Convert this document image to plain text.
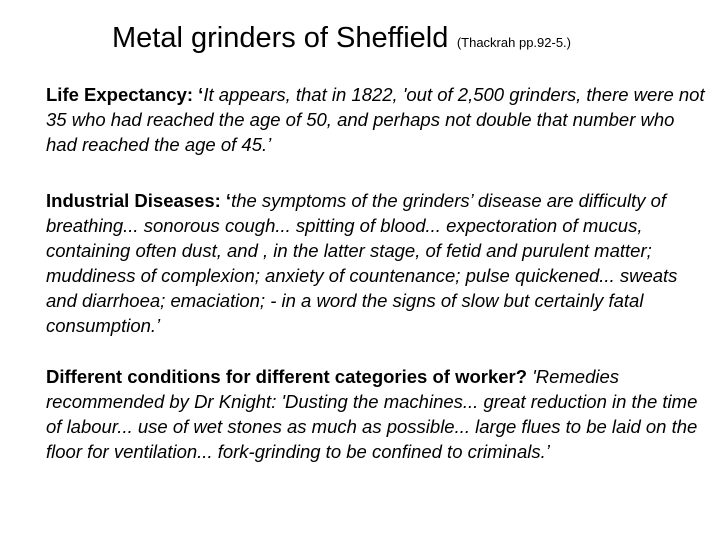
Metal grinders of Sheffield (Thackrah pp.92-5.)
Life Expectancy: ‘It appears, that in 1822, 'out of 2,500 grinders, there were not 35 who had reached the age of 50, and perhaps not double that number who had reached the age of 45.’
Industrial Diseases: ‘the symptoms of the grinders’ disease are difficulty of breathing... sonorous cough... spitting of blood... expectoration of mucus, containing often dust, and , in the latter stage, of fetid and purulent matter; muddiness of complexion; anxiety of countenance; pulse quickened... sweats and diarrhoea; emaciation; - in a word the signs of slow but certainly fatal consumption.’
Different conditions for different categories of worker? 'Remedies recommended by Dr Knight: 'Dusting the machines... great reduction in the time of labour... use of wet stones as much as possible... large flues to be laid on the floor for ventilation... fork-grinding to be confined to criminals.’
